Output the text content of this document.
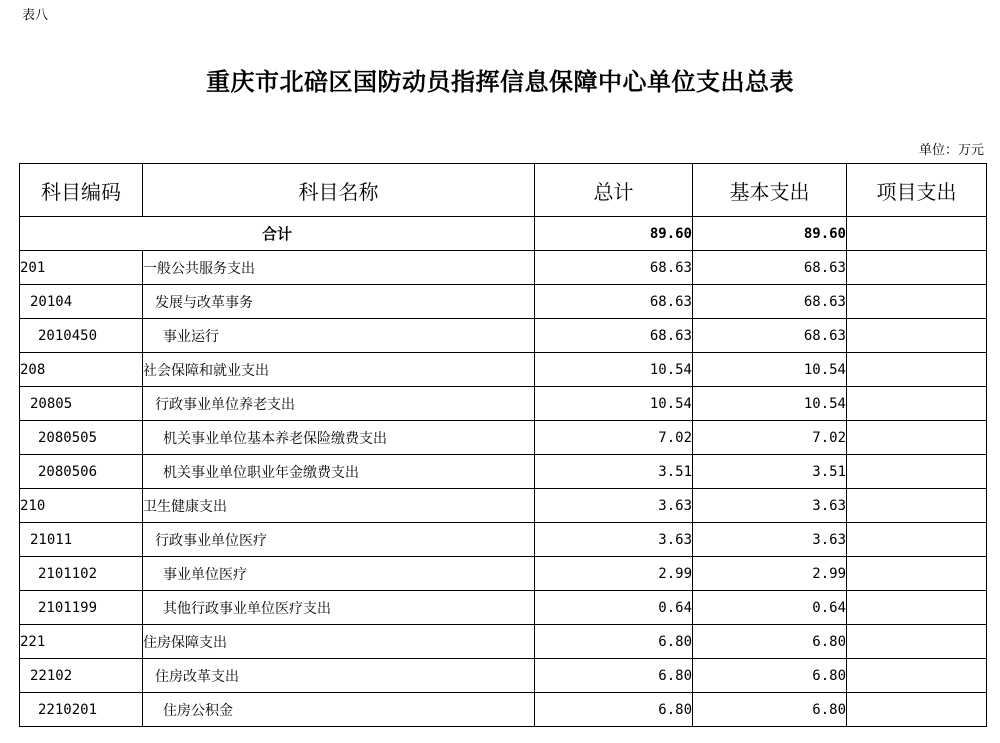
表八
重庆市北碚区国防动员指挥信息保障中心单位支出总表
单位：万元
科目编码	科目名称	总计	基本支出	项目支出
合计		89.60	89.60	
201	一般公共服务支出	68.63	68.63	
20104	发展与改革事务	68.63	68.63	
2010450	事业运行	68.63	68.63	
208	社会保障和就业支出	10.54	10.54	
20805	行政事业单位养老支出	10.54	10.54	
2080505	机关事业单位基本养老保险缴费支出	7.02	7.02	
2080506	机关事业单位职业年金缴费支出	3.51	3.51	
210	卫生健康支出	3.63	3.63	
21011	行政事业单位医疗	3.63	3.63	
2101102	事业单位医疗	2.99	2.99	
2101199	其他行政事业单位医疗支出	0.64	0.64	
221	住房保障支出	6.80	6.80	
22102	住房改革支出	6.80	6.80	
2210201	住房公积金	6.80	6.80	
